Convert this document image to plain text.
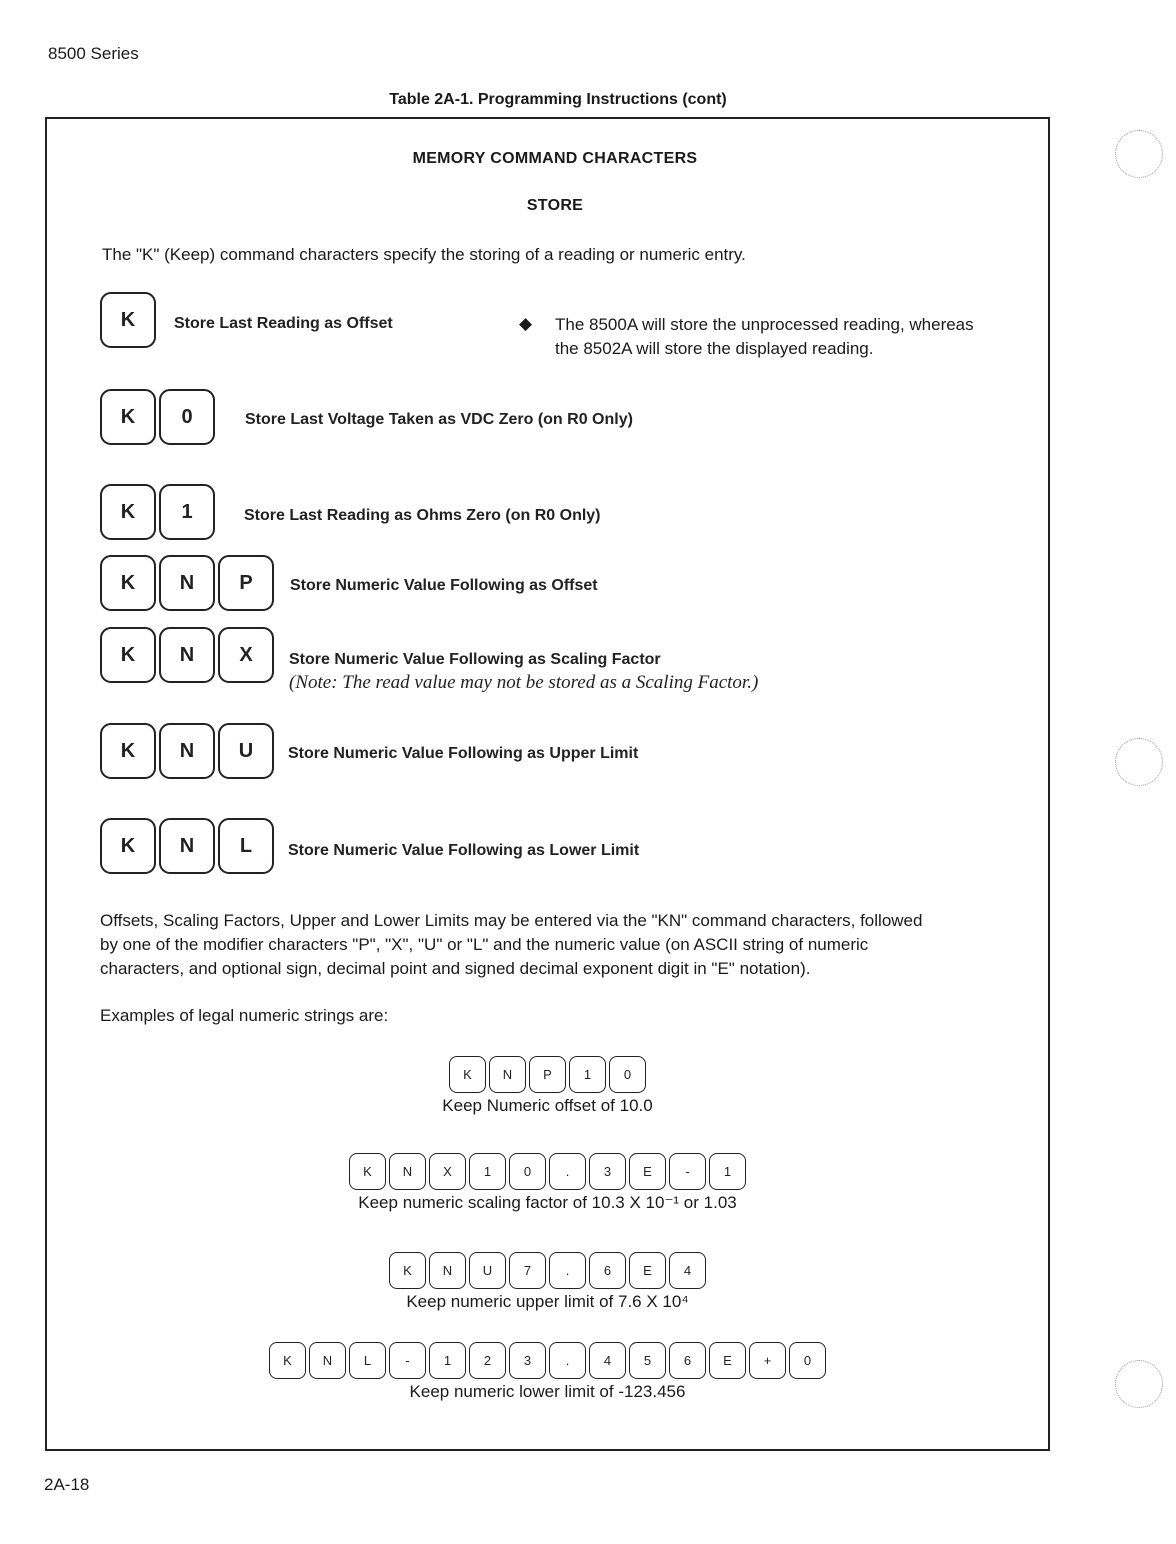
8500 Series
Table 2A-1. Programming Instructions (cont)
MEMORY COMMAND CHARACTERS
STORE
The "K" (Keep) command characters specify the storing of a reading or numeric entry.
K	Store Last Reading as Offset	◆ The 8500A will store the unprocessed reading, whereas
the 8502A will store the displayed reading.
K	0	Store Last Voltage Taken as VDC Zero (on R0 Only)
K	1	Store Last Reading as Ohms Zero (on R0 Only)
K	N	P	Store Numeric Value Following as Offset
K	N	X	Store Numeric Value Following as Scaling Factor
(Note: The read value may not be stored as a Scaling Factor.)
K	N	U	Store Numeric Value Following as Upper Limit
K	N	L	Store Numeric Value Following as Lower Limit
Offsets, Scaling Factors, Upper and Lower Limits may be entered via the "KN" command characters, followed
by one of the modifier characters "P", "X", "U" or "L" and the numeric value (on ASCII string of numeric
characters, and optional sign, decimal point and signed decimal exponent digit in "E" notation).
Examples of legal numeric strings are:
K	N	P	1	0
Keep Numeric offset of 10.0
K	N	X	1	0	.	3	E	-	1
Keep numeric scaling factor of 10.3 X 10⁻¹ or 1.03
K	N	U	7	.	6	E	4
Keep numeric upper limit of 7.6 X 10⁴
K	N	L	-	1	2	3	.	4	5	6	E	+	0
Keep numeric lower limit of -123.456
2A-18
